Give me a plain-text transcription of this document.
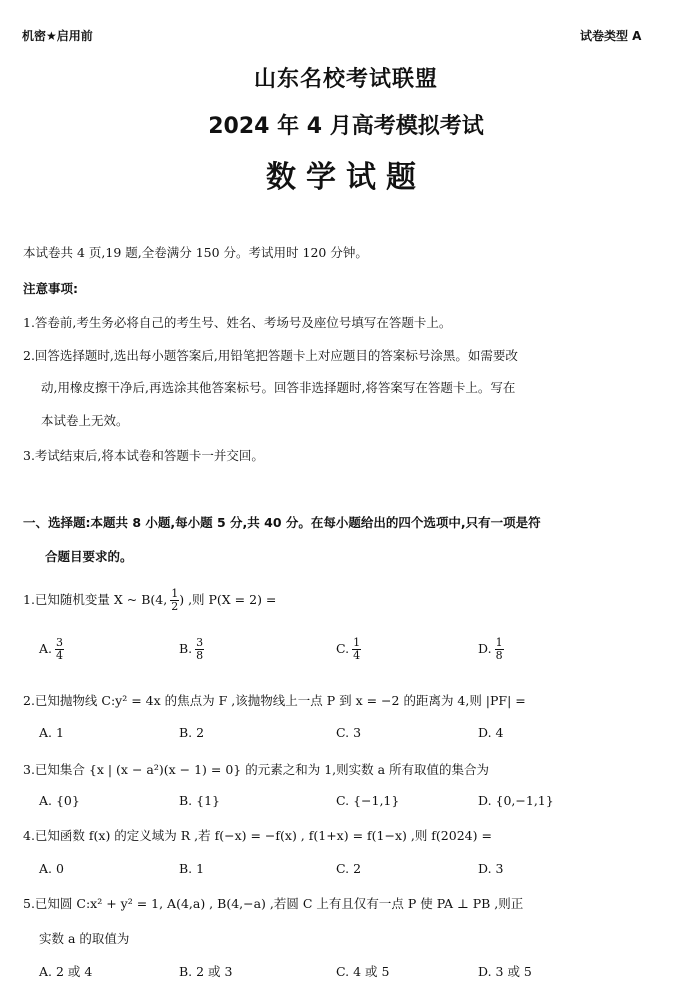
机密★启用前	试卷类型 A
山东名校考试联盟
2024 年 4 月高考模拟考试
数学试题
本试卷共 4 页,19 题,全卷满分 150 分。考试用时 120 分钟。
注意事项:
1.答卷前,考生务必将自己的考生号、姓名、考场号及座位号填写在答题卡上。
2.回答选择题时,选出每小题答案后,用铅笔把答题卡上对应题目的答案标号涂黑。如需要改
动,用橡皮擦干净后,再选涂其他答案标号。回答非选择题时,将答案写在答题卡上。写在
本试卷上无效。
3.考试结束后,将本试卷和答题卡一并交回。
一、选择题:本题共 8 小题,每小题 5 分,共 40 分。在每小题给出的四个选项中,只有一项是符
合题目要求的。
1.已知随机变量 X ~ B(4, $\frac{1}{2}$ ) ,则 P(X = 2) =
A. $\frac{3}{4}$	B. $\frac{3}{8}$	C. $\frac{1}{4}$	D. $\frac{1}{8}$
2.已知抛物线 C:y² = 4x 的焦点为 F ,该抛物线上一点 P 到 x = −2 的距离为 4,则 |PF| =
A. 1	B. 2	C. 3	D. 4
3.已知集合 {x | (x − a²)(x − 1) = 0} 的元素之和为 1,则实数 a 所有取值的集合为
A. {0}	B. {1}	C. {−1,1}	D. {0,−1,1}
4.已知函数 f(x) 的定义域为 R ,若 f(−x) = −f(x) , f(1+x) = f(1−x) ,则 f(2024) =
A. 0	B. 1	C. 2	D. 3
5.已知圆 C:x² + y² = 1, A(4,a) , B(4,−a) ,若圆 C 上有且仅有一点 P 使 PA ⊥ PB ,则正
实数 a 的取值为
A. 2 或 4	B. 2 或 3	C. 4 或 5	D. 3 或 5
